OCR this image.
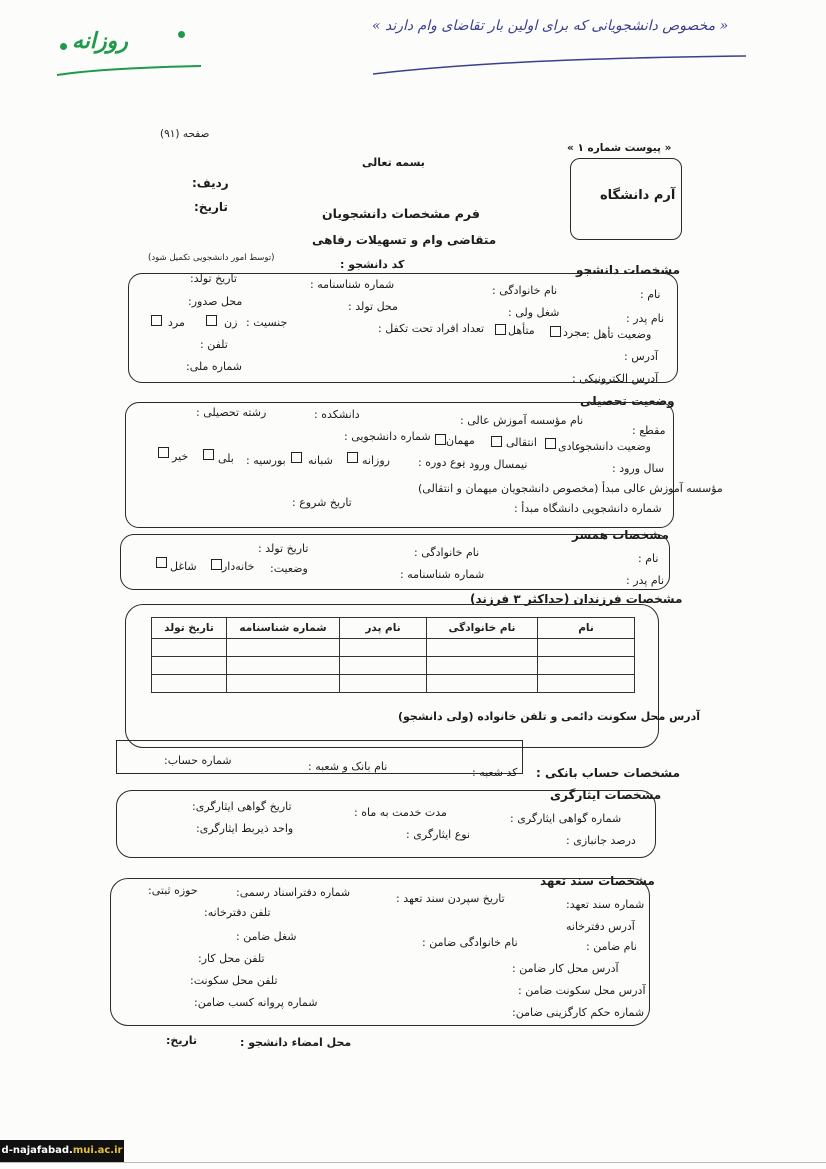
« مخصوص دانشجویانی که برای اولین بار تقاضای وام دارند »
روزانه
صفحه (۹۱)
« پیوست شماره ۱ »
بسمه تعالی
آرم دانشگاه
ردیف:
تاریخ:	فرم مشخصات دانشجویان
متقاضی وام و تسهیلات رفاهی
(توسط امور دانشجویی تکمیل شود)	کد دانشجو :	مشخصات دانشجو
نام :
نام خانوادگی :
شماره شناسنامه :
تاریخ تولد:
نام پدر :
شغل ولی :
محل تولد :
محل صدور:
وضعیت تأهل :
مجرد
متأهل
تعداد افراد تحت تکفل :
جنسیت :
زن
مرد
آدرس :
تلفن :
شماره ملی:
آدرس الکترونیکی :
وضعیت تحصیلی
مقطع :
نام مؤسسه آموزش عالی :
دانشکده :
رشته تحصیلی :
وضعیت دانشجو:
عادی
انتقالی
مهمان
شماره دانشجویی :
سال ورود :
نیمسال ورود :
نوع دوره :
روزانه
شبانه
بورسیه :
بلی
خیر
مؤسسه آموزش عالی مبدأ (مخصوص دانشجویان میهمان و انتقالی)
شماره دانشجویی دانشگاه مبدأ :
تاریخ شروع :
مشخصات همسر
نام :
نام خانوادگی :
تاریخ تولد :
نام پدر :
شماره شناسنامه :
وضعیت:
خانه‌دار
شاغل
مشخصات فرزندان (حداکثر ۳ فرزند)
نام	نام خانوادگی	نام پدر	شماره شناسنامه	تاریخ تولد

آدرس محل سکونت دائمی و تلفن خانواده (ولی دانشجو)
شماره حساب:	نام بانک و شعبه :	کد شعبه : مشخصات حساب بانکی :
مشخصات ایثارگری
شماره گواهی ایثارگری :
مدت خدمت به ماه :
تاریخ گواهی ایثارگری:
درصد جانبازی :
نوع ایثارگری :
واحد ذیربط ایثارگری:
مشخصات سند تعهد
شماره سند تعهد:
تاریخ سپردن سند تعهد :
شماره دفتراسناد رسمی:
حوزه ثبتی:
آدرس دفترخانه
تلفن دفترخانه:
نام ضامن :
نام خانوادگی ضامن :
شغل ضامن :
تلفن محل کار:
آدرس محل کار ضامن :
تلفن محل سکونت:
آدرس محل سکونت ضامن :
شماره پروانه کسب ضامن:
شماره حکم کارگزینی ضامن:
محل امضاء دانشجو :
تاریخ:
d-najafabad.mui.ac.ir
